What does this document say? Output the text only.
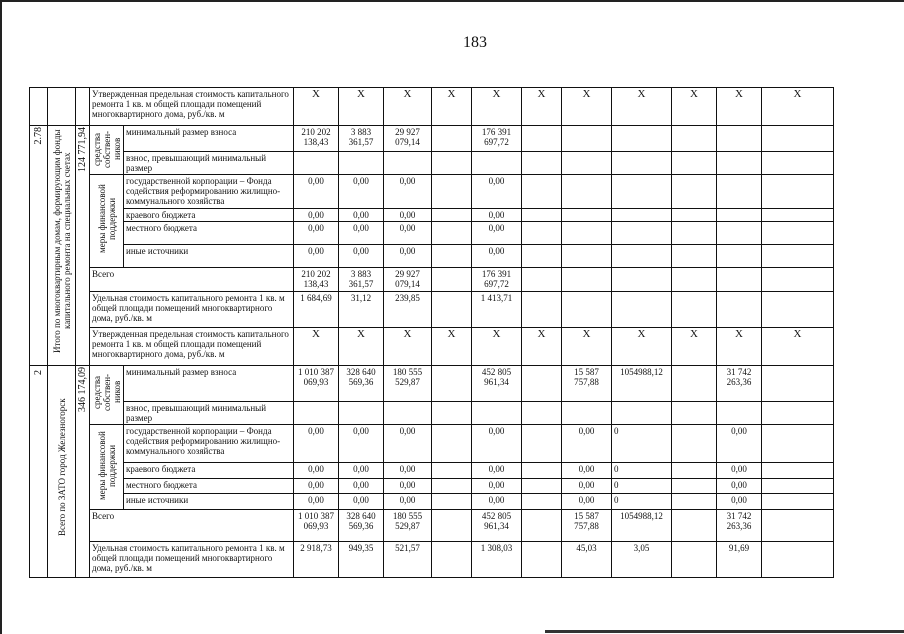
183
			Утвержденная предельная стоимость капитального ремонта 1 кв. м общей площади помещений многоквартирного дома, руб./кв. м		Х	Х	Х	Х	Х	Х	Х	Х	Х	Х	Х
2.78	Итого по многоквартирным домам, формирующим фонды капитального ремонта на специальных счетах	124 771,94	средства собствен-ников	минимальный размер взноса	210 202 138,43	3 883 361,57	29 927 079,14		176 391 697,72						
				взнос, превышающий минимальный размер											
			меры финансовой поддержки	государственной корпорации – Фонда содействия реформированию жилищно-коммунального хозяйства	0,00	0,00	0,00		0,00						
				краевого бюджета	0,00	0,00	0,00		0,00						
				местного бюджета	0,00	0,00	0,00		0,00						
				иные источники	0,00	0,00	0,00		0,00						
			Всего		210 202 138,43	3 883 361,57	29 927 079,14		176 391 697,72						
			Удельная стоимость капитального ремонта 1 кв. м общей площади помещений многоквартирного дома, руб./кв. м		1 684,69	31,12	239,85		1 413,71						
			Утвержденная предельная стоимость капитального ремонта 1 кв. м общей площади помещений многоквартирного дома, руб./кв. м		Х	Х	Х	Х	Х	Х	Х	Х	Х	Х	Х
2	Всего по ЗАТО город Железногорск	346 174,09	средства собствен-ников	минимальный размер взноса	1 010 387 069,93	328 640 569,36	180 555 529,87		452 805 961,34		15 587 757,88	1054988,12		31 742 263,36	
				взнос, превышающий минимальный размер											
			меры финансовой поддержки	государственной корпорации – Фонда содействия реформированию жилищно-коммунального хозяйства	0,00	0,00	0,00		0,00		0,00	0		0,00	
				краевого бюджета	0,00	0,00	0,00		0,00		0,00	0		0,00	
				местного бюджета	0,00	0,00	0,00		0,00		0,00	0		0,00	
				иные источники	0,00	0,00	0,00		0,00		0,00	0		0,00	
			Всего		1 010 387 069,93	328 640 569,36	180 555 529,87		452 805 961,34		15 587 757,88	1054988,12		31 742 263,36	
			Удельная стоимость капитального ремонта 1 кв. м общей площади помещений многоквартирного дома, руб./кв. м		2 918,73	949,35	521,57		1 308,03		45,03	3,05		91,69	
